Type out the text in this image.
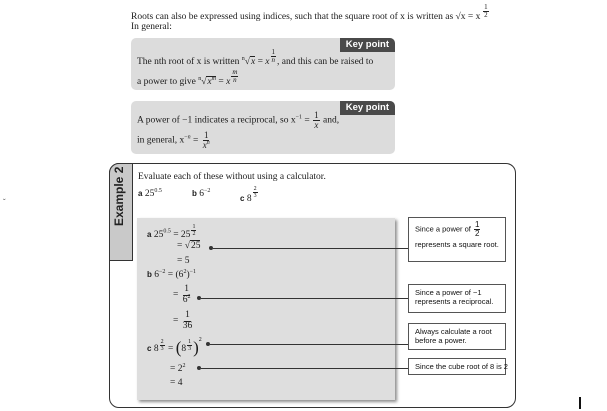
Roots can also be expressed using indices, such that the square root of x is written as √x = x $^{\frac{1}{2}}$
In general:
Key point
The nth root of x is written $^n$√x = x $\frac{1}{n}$ , and this can be raised to
a power to give $^n√x^m = x \frac{m}{n}$
Key point
A power of −1 indicates a reciprocal, so $x^{-1} = \frac{1}{x}$ and,
in general, $x^{-n} = \frac{1}{x^n}$
ˇ	Example 2 Evaluate each of these without using a calculator.
a $25^{0.5}$	b $6^{-2}$
$_c$ $8 \frac{2}{3}$
a $25^{0.5} = 25 \frac{1}{2}$
= √25
= 5
b $6^{-2} = (6^2)^{-1}$
= $\frac{1}{6^2}$
= $\frac{1}{36}$
c $8 \frac{2}{3} = (8 \frac{1}{3} )^2$
= $2^2$
= 4
Since a power of $\frac{1}{2}$
represents a square root.
Since a power of −1 represents a reciprocal.
Always calculate a root before a power.
Since the cube root of 8 is 2
